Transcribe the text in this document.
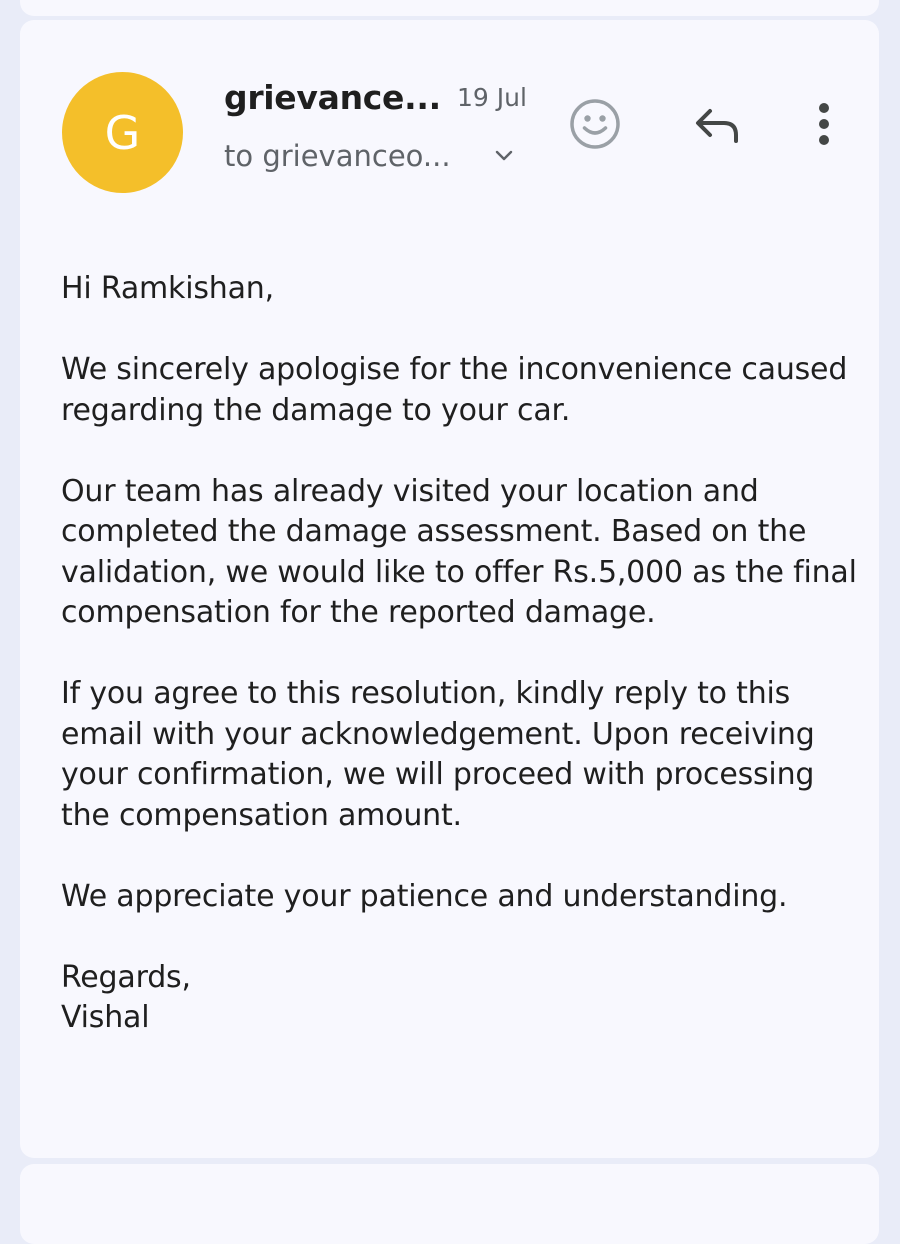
G
grievance... 19 Jul
to grievanceo...

Hi Ramkishan,

We sincerely apologise for the inconvenience caused regarding the damage to your car.

Our team has already visited your location and completed the damage assessment. Based on the validation, we would like to offer Rs.5,000 as the final compensation for the reported damage.

If you agree to this resolution, kindly reply to this email with your acknowledgement. Upon receiving your confirmation, we will proceed with processing the compensation amount.

We appreciate your patience and understanding.

Regards,

Vishal
